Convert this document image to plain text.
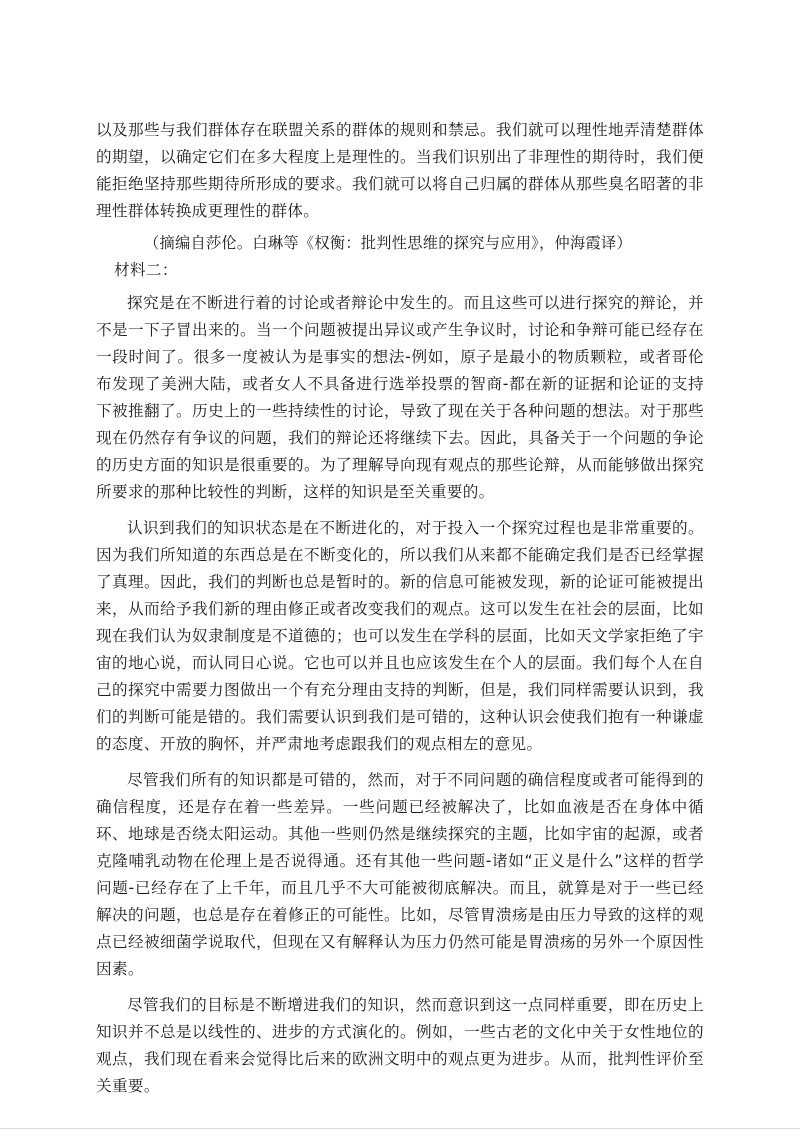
以及那些与我们群体存在联盟关系的群体的规则和禁忌。我们就可以理性地弄清楚群体的期望，以确定它们在多大程度上是理性的。当我们识别出了非理性的期待时，我们便能拒绝坚持那些期待所形成的要求。我们就可以将自己归属的群体从那些臭名昭著的非理性群体转换成更理性的群体。

（摘编自莎伦。白琳等《权衡：批判性思维的探究与应用》，仲海霞译）

材料二：

探究是在不断进行着的讨论或者辩论中发生的。而且这些可以进行探究的辩论，并不是一下子冒出来的。当一个问题被提出异议或产生争议时，讨论和争辩可能已经存在一段时间了。很多一度被认为是事实的想法-例如，原子是最小的物质颗粒，或者哥伦布发现了美洲大陆，或者女人不具备进行选举投票的智商-都在新的证据和论证的支持下被推翻了。历史上的一些持续性的讨论，导致了现在关于各种问题的想法。对于那些现在仍然存有争议的问题，我们的辩论还将继续下去。因此，具备关于一个问题的争论的历史方面的知识是很重要的。为了理解导向现有观点的那些论辩，从而能够做出探究所要求的那种比较性的判断，这样的知识是至关重要的。

认识到我们的知识状态是在不断进化的，对于投入一个探究过程也是非常重要的。因为我们所知道的东西总是在不断变化的，所以我们从来都不能确定我们是否已经掌握了真理。因此，我们的判断也总是暂时的。新的信息可能被发现，新的论证可能被提出来，从而给予我们新的理由修正或者改变我们的观点。这可以发生在社会的层面，比如现在我们认为奴隶制度是不道德的；也可以发生在学科的层面，比如天文学家拒绝了宇宙的地心说，而认同日心说。它也可以并且也应该发生在个人的层面。我们每个人在自己的探究中需要力图做出一个有充分理由支持的判断，但是，我们同样需要认识到，我们的判断可能是错的。我们需要认识到我们是可错的，这种认识会使我们抱有一种谦虚的态度、开放的胸怀，并严肃地考虑跟我们的观点相左的意见。

尽管我们所有的知识都是可错的，然而，对于不同问题的确信程度或者可能得到的确信程度，还是存在着一些差异。一些问题已经被解决了，比如血液是否在身体中循环、地球是否绕太阳运动。其他一些则仍然是继续探究的主题，比如宇宙的起源，或者克隆哺乳动物在伦理上是否说得通。还有其他一些问题-诸如“正义是什么”这样的哲学问题-已经存在了上千年，而且几乎不大可能被彻底解决。而且，就算是对于一些已经解决的问题，也总是存在着修正的可能性。比如，尽管胃溃疡是由压力导致的这样的观点已经被细菌学说取代，但现在又有解释认为压力仍然可能是胃溃疡的另外一个原因性因素。

尽管我们的目标是不断增进我们的知识，然而意识到这一点同样重要，即在历史上知识并不总是以线性的、进步的方式演化的。例如，一些古老的文化中关于女性地位的观点，我们现在看来会觉得比后来的欧洲文明中的观点更为进步。从而，批判性评价至关重要。
